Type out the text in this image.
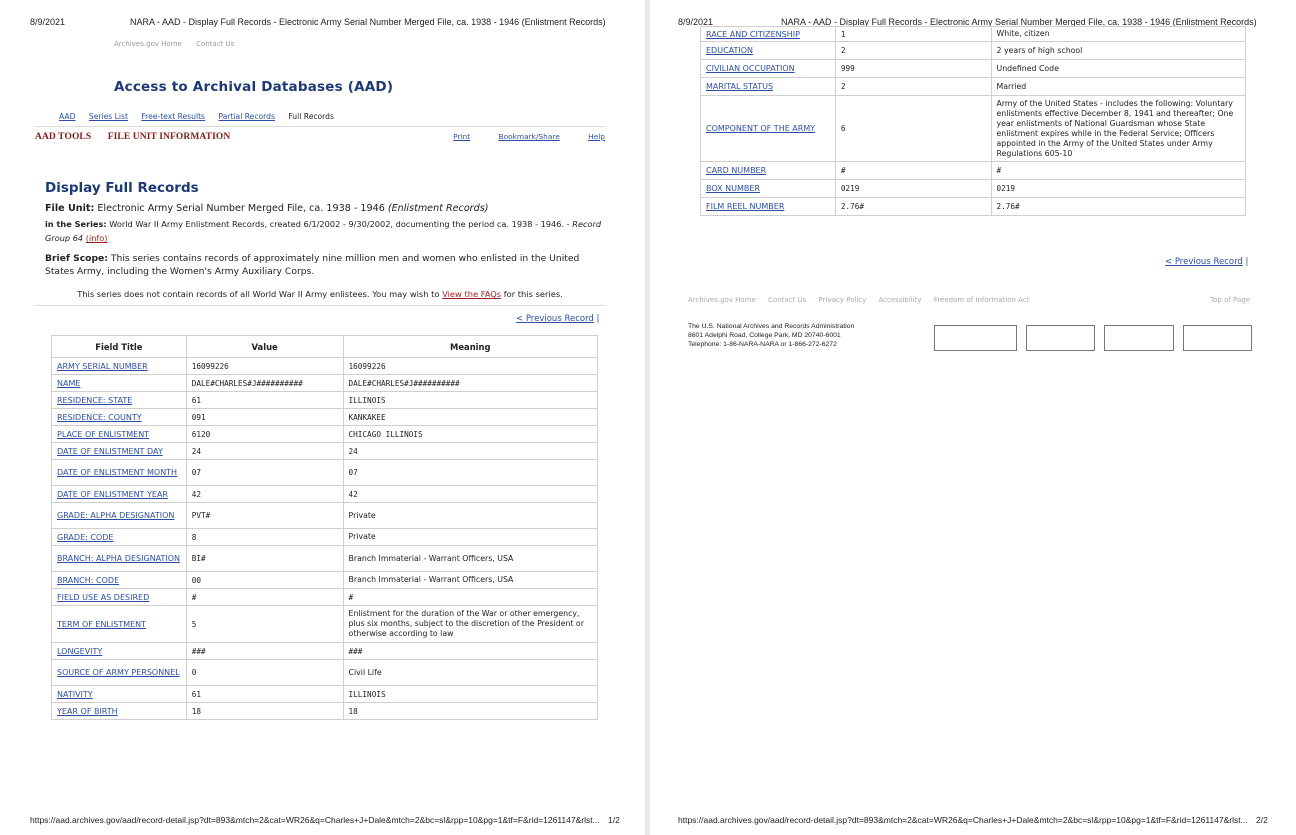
8/9/2021	NARA - AAD - Display Full Records - Electronic Army Serial Number Merged File, ca. 1938 - 1946 (Enlistment Records)
Archives.gov Home Contact Us
Access to Archival Databases (AAD)
AAD Series List Free-text Results Partial Records Full Records
AAD TOOLS FILE UNIT INFORMATION	Print	Bookmark/Share	Help
Display Full Records
File Unit: Electronic Army Serial Number Merged File, ca. 1938 - 1946 (Enlistment Records)
in the Series: World War II Army Enlistment Records, created 6/1/2002 - 9/30/2002, documenting the period ca. 1938 - 1946. - Record Group 64 (info)
Brief Scope: This series contains records of approximately nine million men and women who enlisted in the United States Army, including the Women's Army Auxiliary Corps.
This series does not contain records of all World War II Army enlistees. You may wish to View the FAQs for this series.
< Previous Record |
Field Title	Value	Meaning
ARMY SERIAL NUMBER	16099226	16099226
NAME	DALE#CHARLES#J##########	DALE#CHARLES#J##########
RESIDENCE: STATE	61	ILLINOIS
RESIDENCE: COUNTY	091	KANKAKEE
PLACE OF ENLISTMENT	6120	CHICAGO ILLINOIS
DATE OF ENLISTMENT DAY	24	24
DATE OF ENLISTMENT MONTH	07	07
DATE OF ENLISTMENT YEAR	42	42
GRADE: ALPHA DESIGNATION	PVT#	Private
GRADE: CODE	8	Private
BRANCH: ALPHA DESIGNATION	BI#	Branch Immaterial - Warrant Officers, USA
BRANCH: CODE	00	Branch Immaterial - Warrant Officers, USA
FIELD USE AS DESIRED	#	#
TERM OF ENLISTMENT	5	Enlistment for the duration of the War or other emergency, plus six months, subject to the discretion of the President or otherwise according to law
LONGEVITY	###	###
SOURCE OF ARMY PERSONNEL	0	Civil Life
NATIVITY	61	ILLINOIS
YEAR OF BIRTH	18	18
https://aad.archives.gov/aad/record-detail.jsp?dt=893&mtch=2&cat=WR26&q=Charles+J+Dale&mtch=2&bc=sl&rpp=10&pg=1&tf=F&rid=1261147&rlst... 1/2
8/9/2021	NARA - AAD - Display Full Records - Electronic Army Serial Number Merged File, ca. 1938 - 1946 (Enlistment Records)
https://aad.archives.gov/aad/record-detail.jsp?dt=893&mtch=2&cat=WR26&q=Charles+J+Dale&mtch=2&bc=sl&rpp=10&pg=1&tf=F&rid=1261147&rlst... 2/2
RACE AND CITIZENSHIP	1	White, citizen
EDUCATION	2	2 years of high school
CIVILIAN OCCUPATION	999	Undefined Code
MARITAL STATUS	2	Married
COMPONENT OF THE ARMY	6	Army of the United States - includes the following: Voluntary enlistments effective December 8, 1941 and thereafter; One year enlistments of National Guardsman whose State enlistment expires while in the Federal Service; Officers appointed in the Army of the United States under Army Regulations 605-10
CARD NUMBER	#	#
BOX NUMBER	0219	0219
FILM REEL NUMBER	2.76#	2.76#
< Previous Record |
Archives.gov Home Contact Us Privacy Policy Accessibility Freedom of Information Act	Top of Page
The U.S. National Archives and Records Administration
8601 Adelphi Road, College Park, MD 20740-6001
Telephone: 1-86-NARA-NARA or 1-866-272-6272
